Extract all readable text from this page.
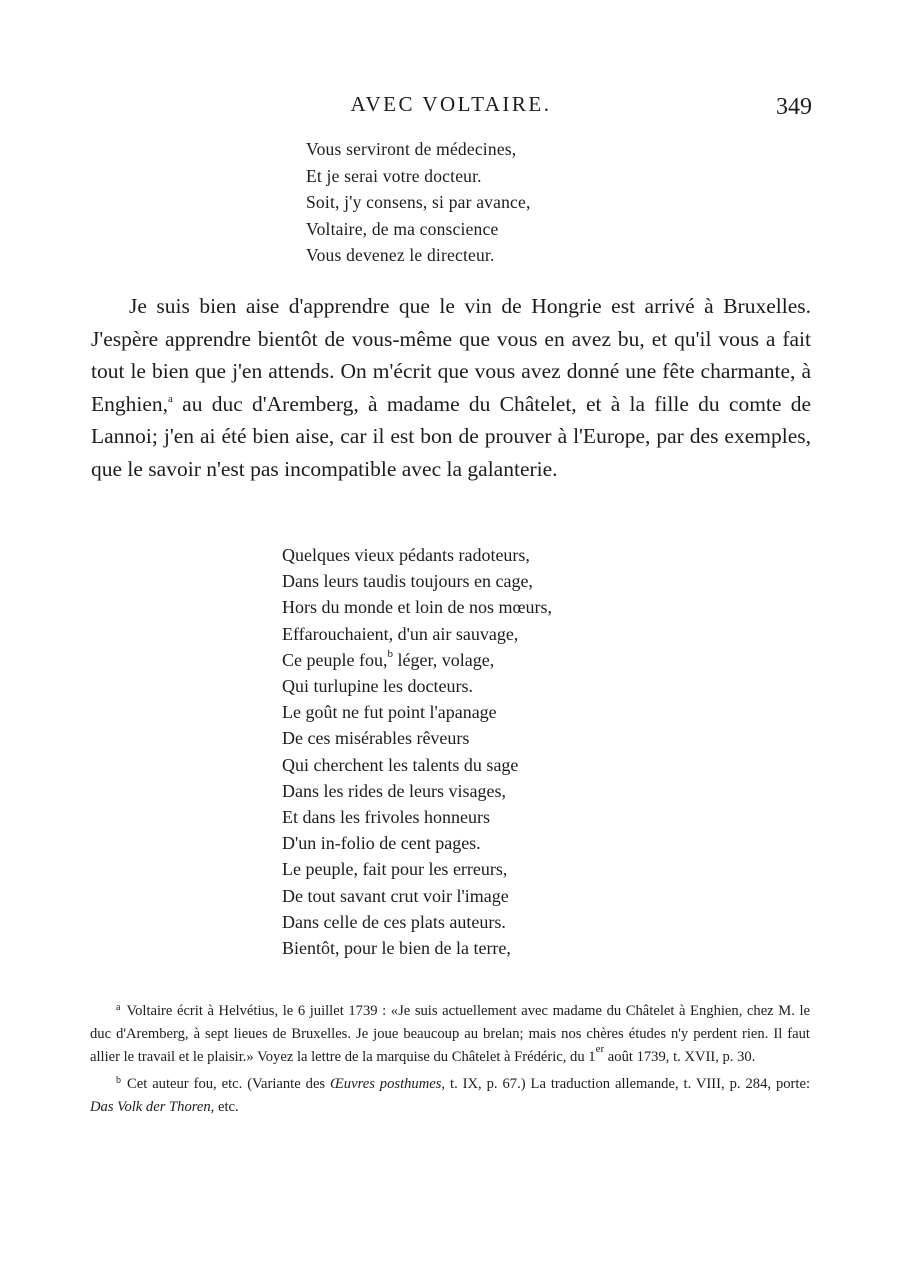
AVEC VOLTAIRE.	349
Vous serviront de médecines,
Et je serai votre docteur.
Soit, j'y consens, si par avance,
Voltaire, de ma conscience
Vous devenez le directeur.

Je suis bien aise d'apprendre que le vin de Hongrie est arrivé à Bruxelles. J'espère apprendre bientôt de vous-même que vous en avez bu, et qu'il vous a fait tout le bien que j'en attends. On m'écrit que vous avez donné une fête charmante, à Enghien,$^a$ au duc d'Aremberg, à madame du Châtelet, et à la fille du comte de Lannoi; j'en ai été bien aise, car il est bon de prouver à l'Europe, par des exemples, que le savoir n'est pas incompatible avec la galanterie.

Quelques vieux pédants radoteurs,
Dans leurs taudis toujours en cage,
Hors du monde et loin de nos mœurs,
Effarouchaient, d'un air sauvage,
Ce peuple fou,$^b$ léger, volage,
Qui turlupine les docteurs.
Le goût ne fut point l'apanage
De ces misérables rêveurs
Qui cherchent les talents du sage
Dans les rides de leurs visages,
Et dans les frivoles honneurs
D'un in-folio de cent pages.
Le peuple, fait pour les erreurs,
De tout savant crut voir l'image
Dans celle de ces plats auteurs.
Bientôt, pour le bien de la terre,

$^a$ Voltaire écrit à Helvétius, le 6 juillet 1739 : «Je suis actuellement avec madame du Châtelet à Enghien, chez M. le duc d'Aremberg, à sept lieues de Bruxelles. Je joue beaucoup au brelan; mais nos chères études n'y perdent rien. Il faut allier le travail et le plaisir.» Voyez la lettre de la marquise du Châtelet à Frédéric, du 1er août 1739, t. XVII, p. 30.

$^b$ Cet auteur fou, etc. (Variante des Œuvres posthumes, t. IX, p. 67.) La traduction allemande, t. VIII, p. 284, porte: Das Volk der Thoren, etc.
